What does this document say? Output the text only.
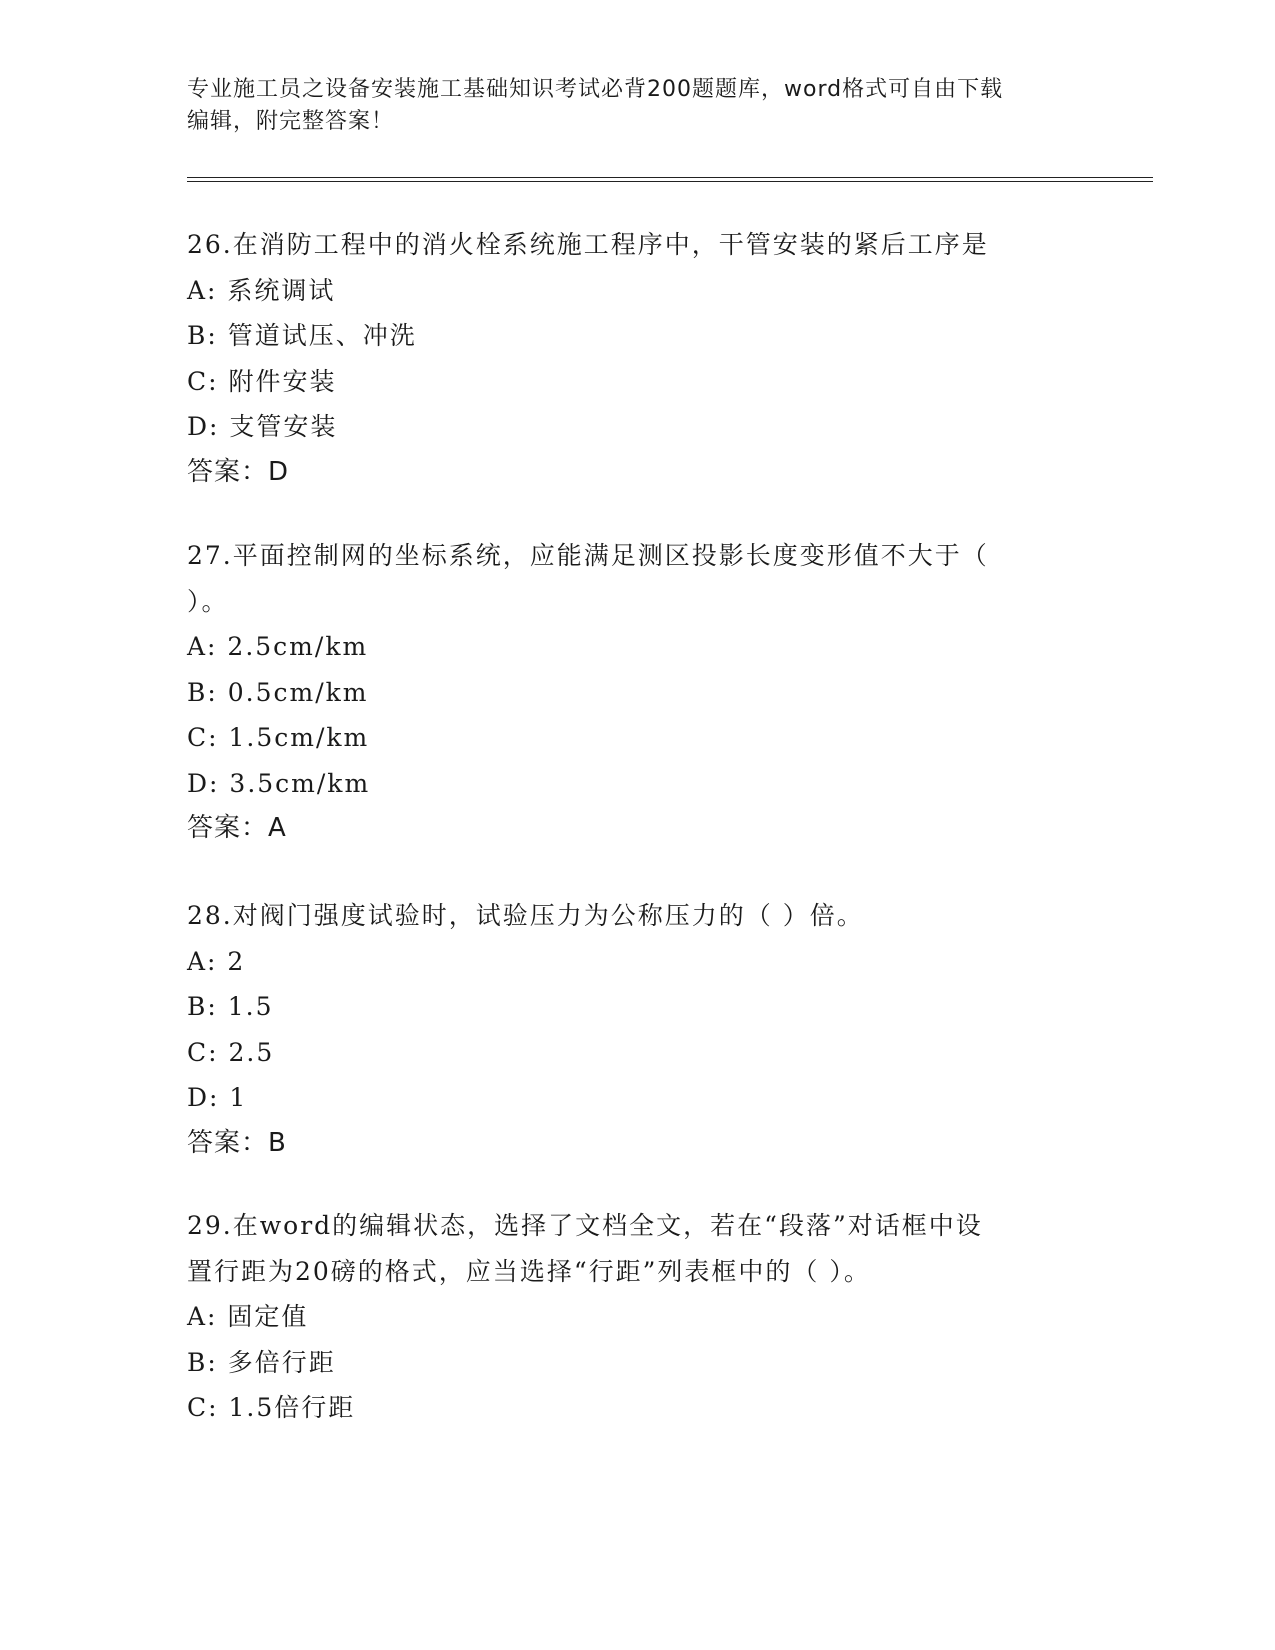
专业施工员之设备安装施工基础知识考试必背200题题库，word格式可自由下载
编辑，附完整答案！
26.在消防工程中的消火栓系统施工程序中，干管安装的紧后工序是
A: 系统调试
B: 管道试压、冲洗
C: 附件安装
D: 支管安装
答案：D
27.平面控制网的坐标系统，应能满足测区投影长度变形值不大于（
）。
A: 2.5cm/km
B: 0.5cm/km
C: 1.5cm/km
D: 3.5cm/km
答案：A
28.对阀门强度试验时，试验压力为公称压力的（ ）倍。
A: 2
B: 1.5
C: 2.5
D: 1
答案：B
29.在word的编辑状态，选择了文档全文，若在“段落”对话框中设
置行距为20磅的格式，应当选择“行距”列表框中的（ ）。
A: 固定值
B: 多倍行距
C: 1.5倍行距
